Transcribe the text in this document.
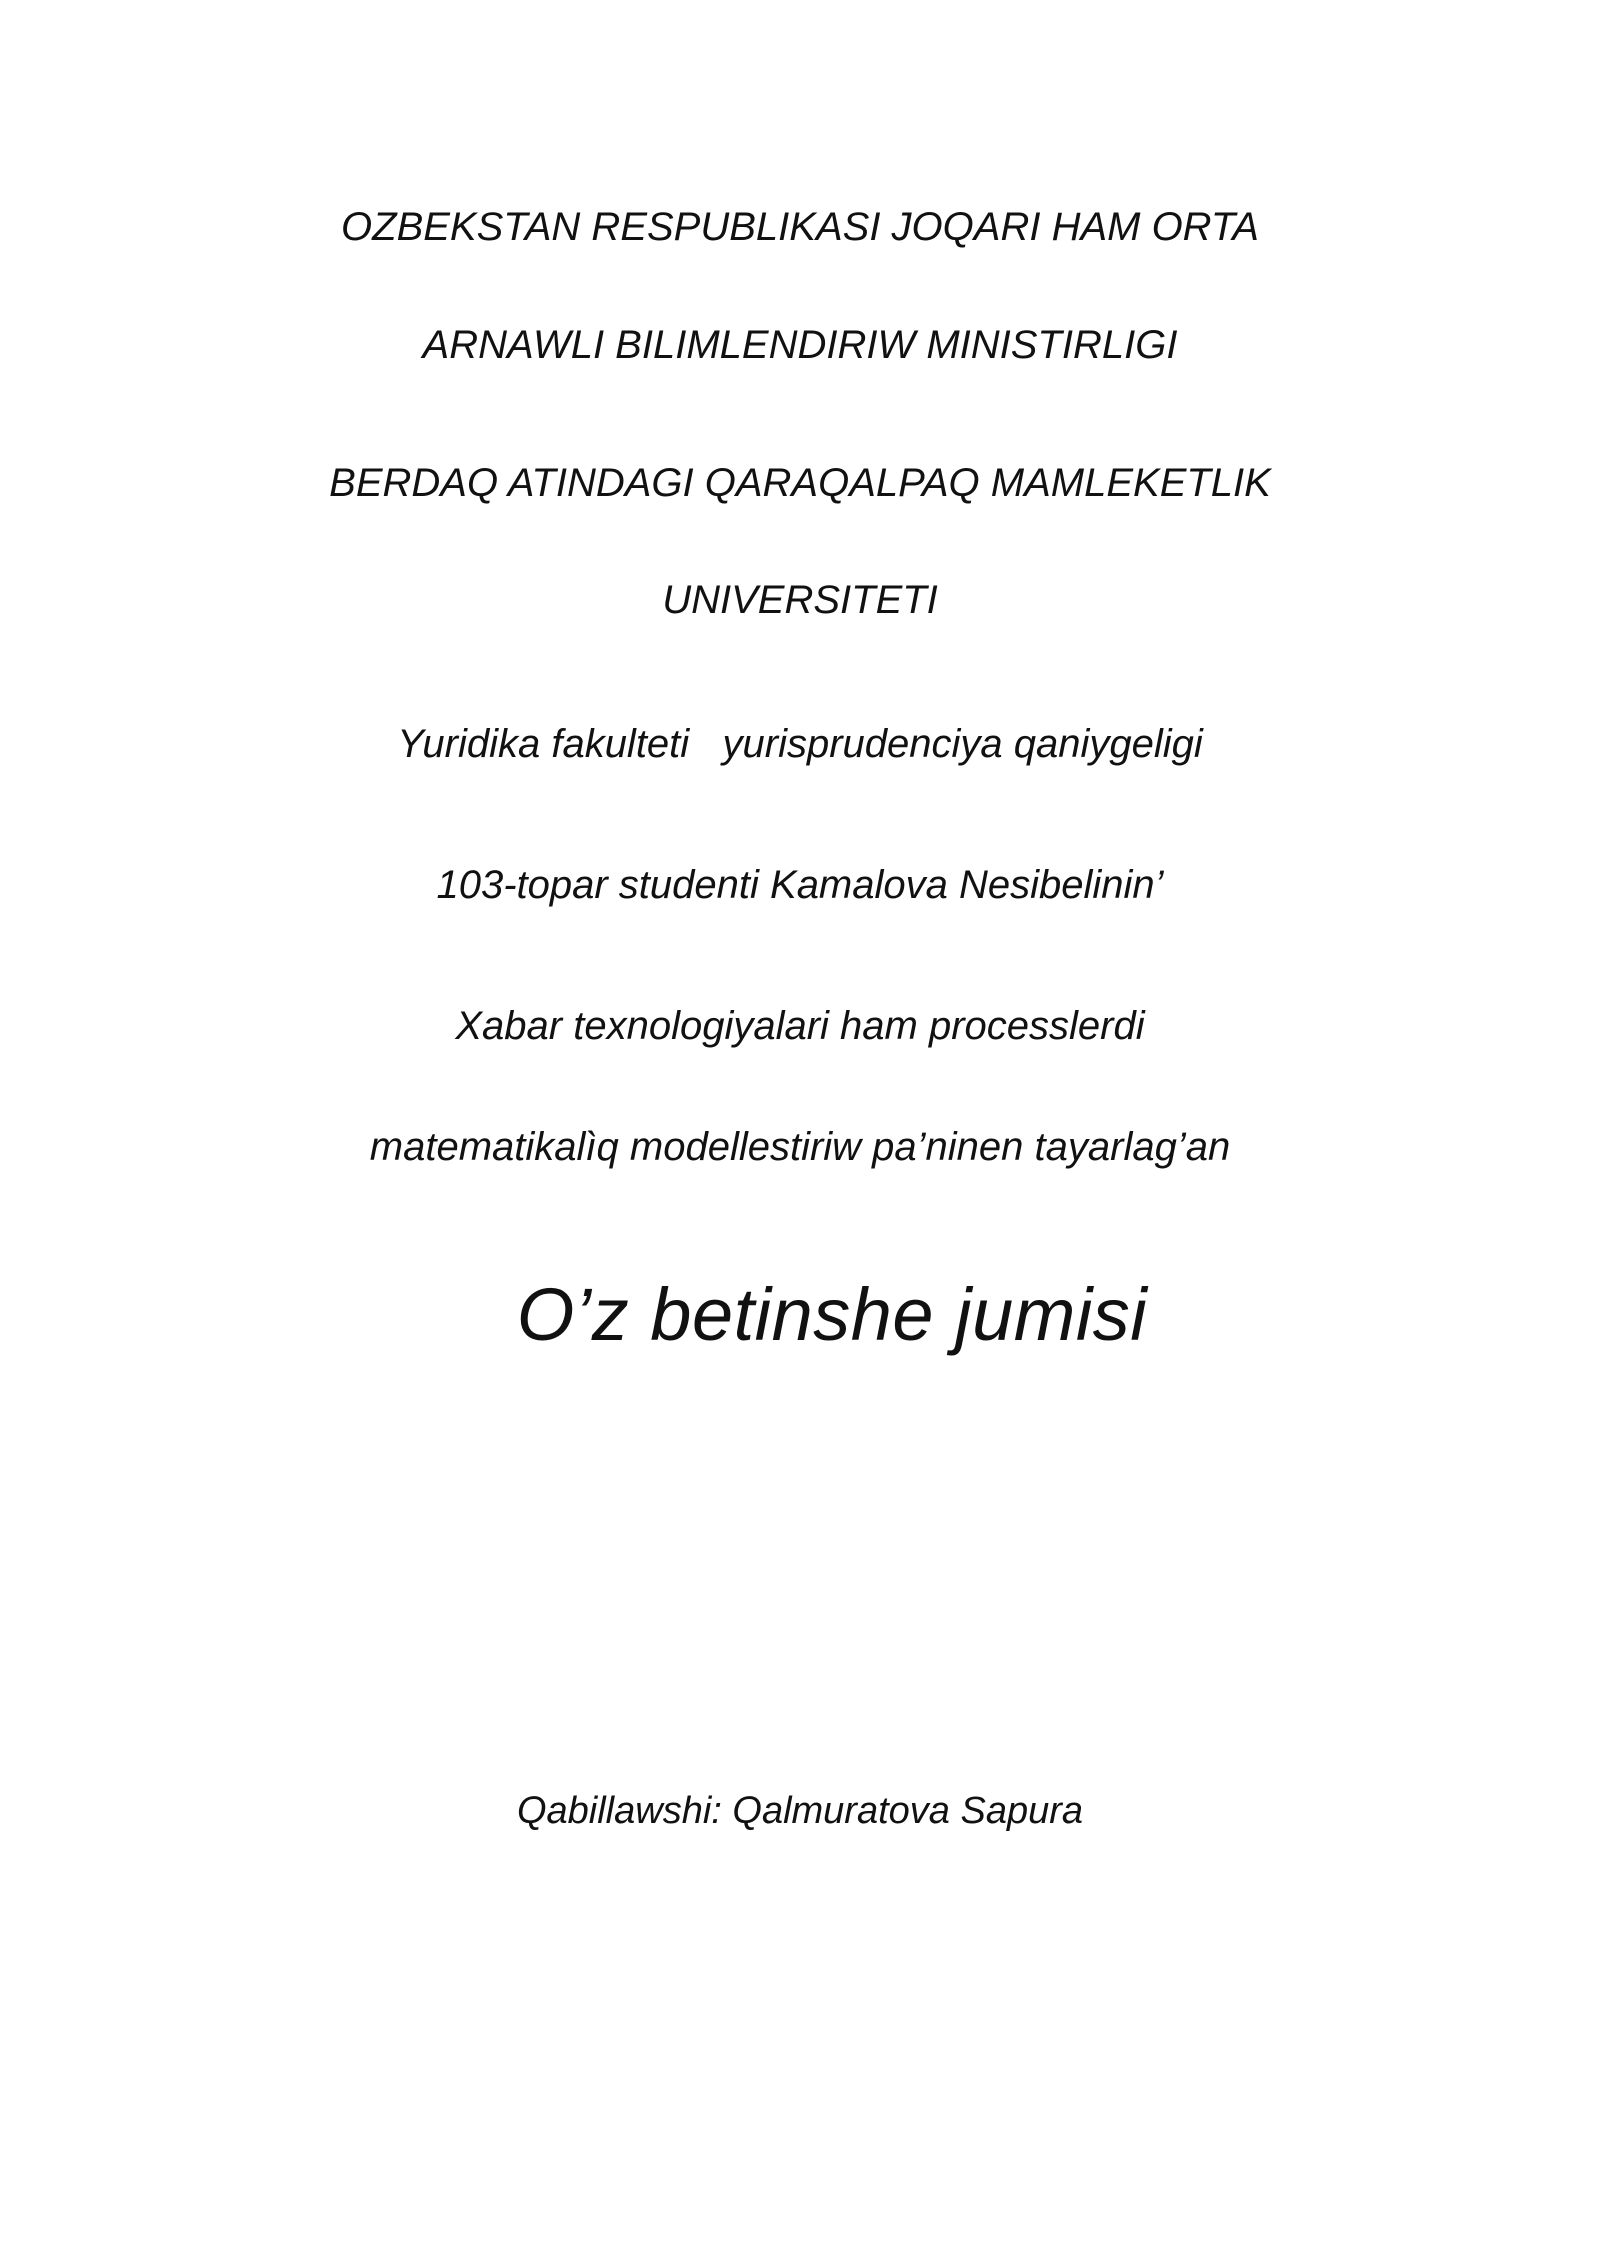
OZBEKSTAN RESPUBLIKASI JOQARI HAM ORTA
ARNAWLI BILIMLENDIRIW MINISTIRLIGI
BERDAQ ATINDAGI QARAQALPAQ MAMLEKETLIK
UNIVERSITETI
Yuridika fakulteti   yurisprudenciya qaniygeligi
103-topar studenti Kamalova Nesibelinin’
Xabar texnologiyalari ham processlerdi
matematikalìq modellestiriw pa’ninen tayarlag’an
O’z betinshe jumisi
Qabillawshi: Qalmuratova Sapura
